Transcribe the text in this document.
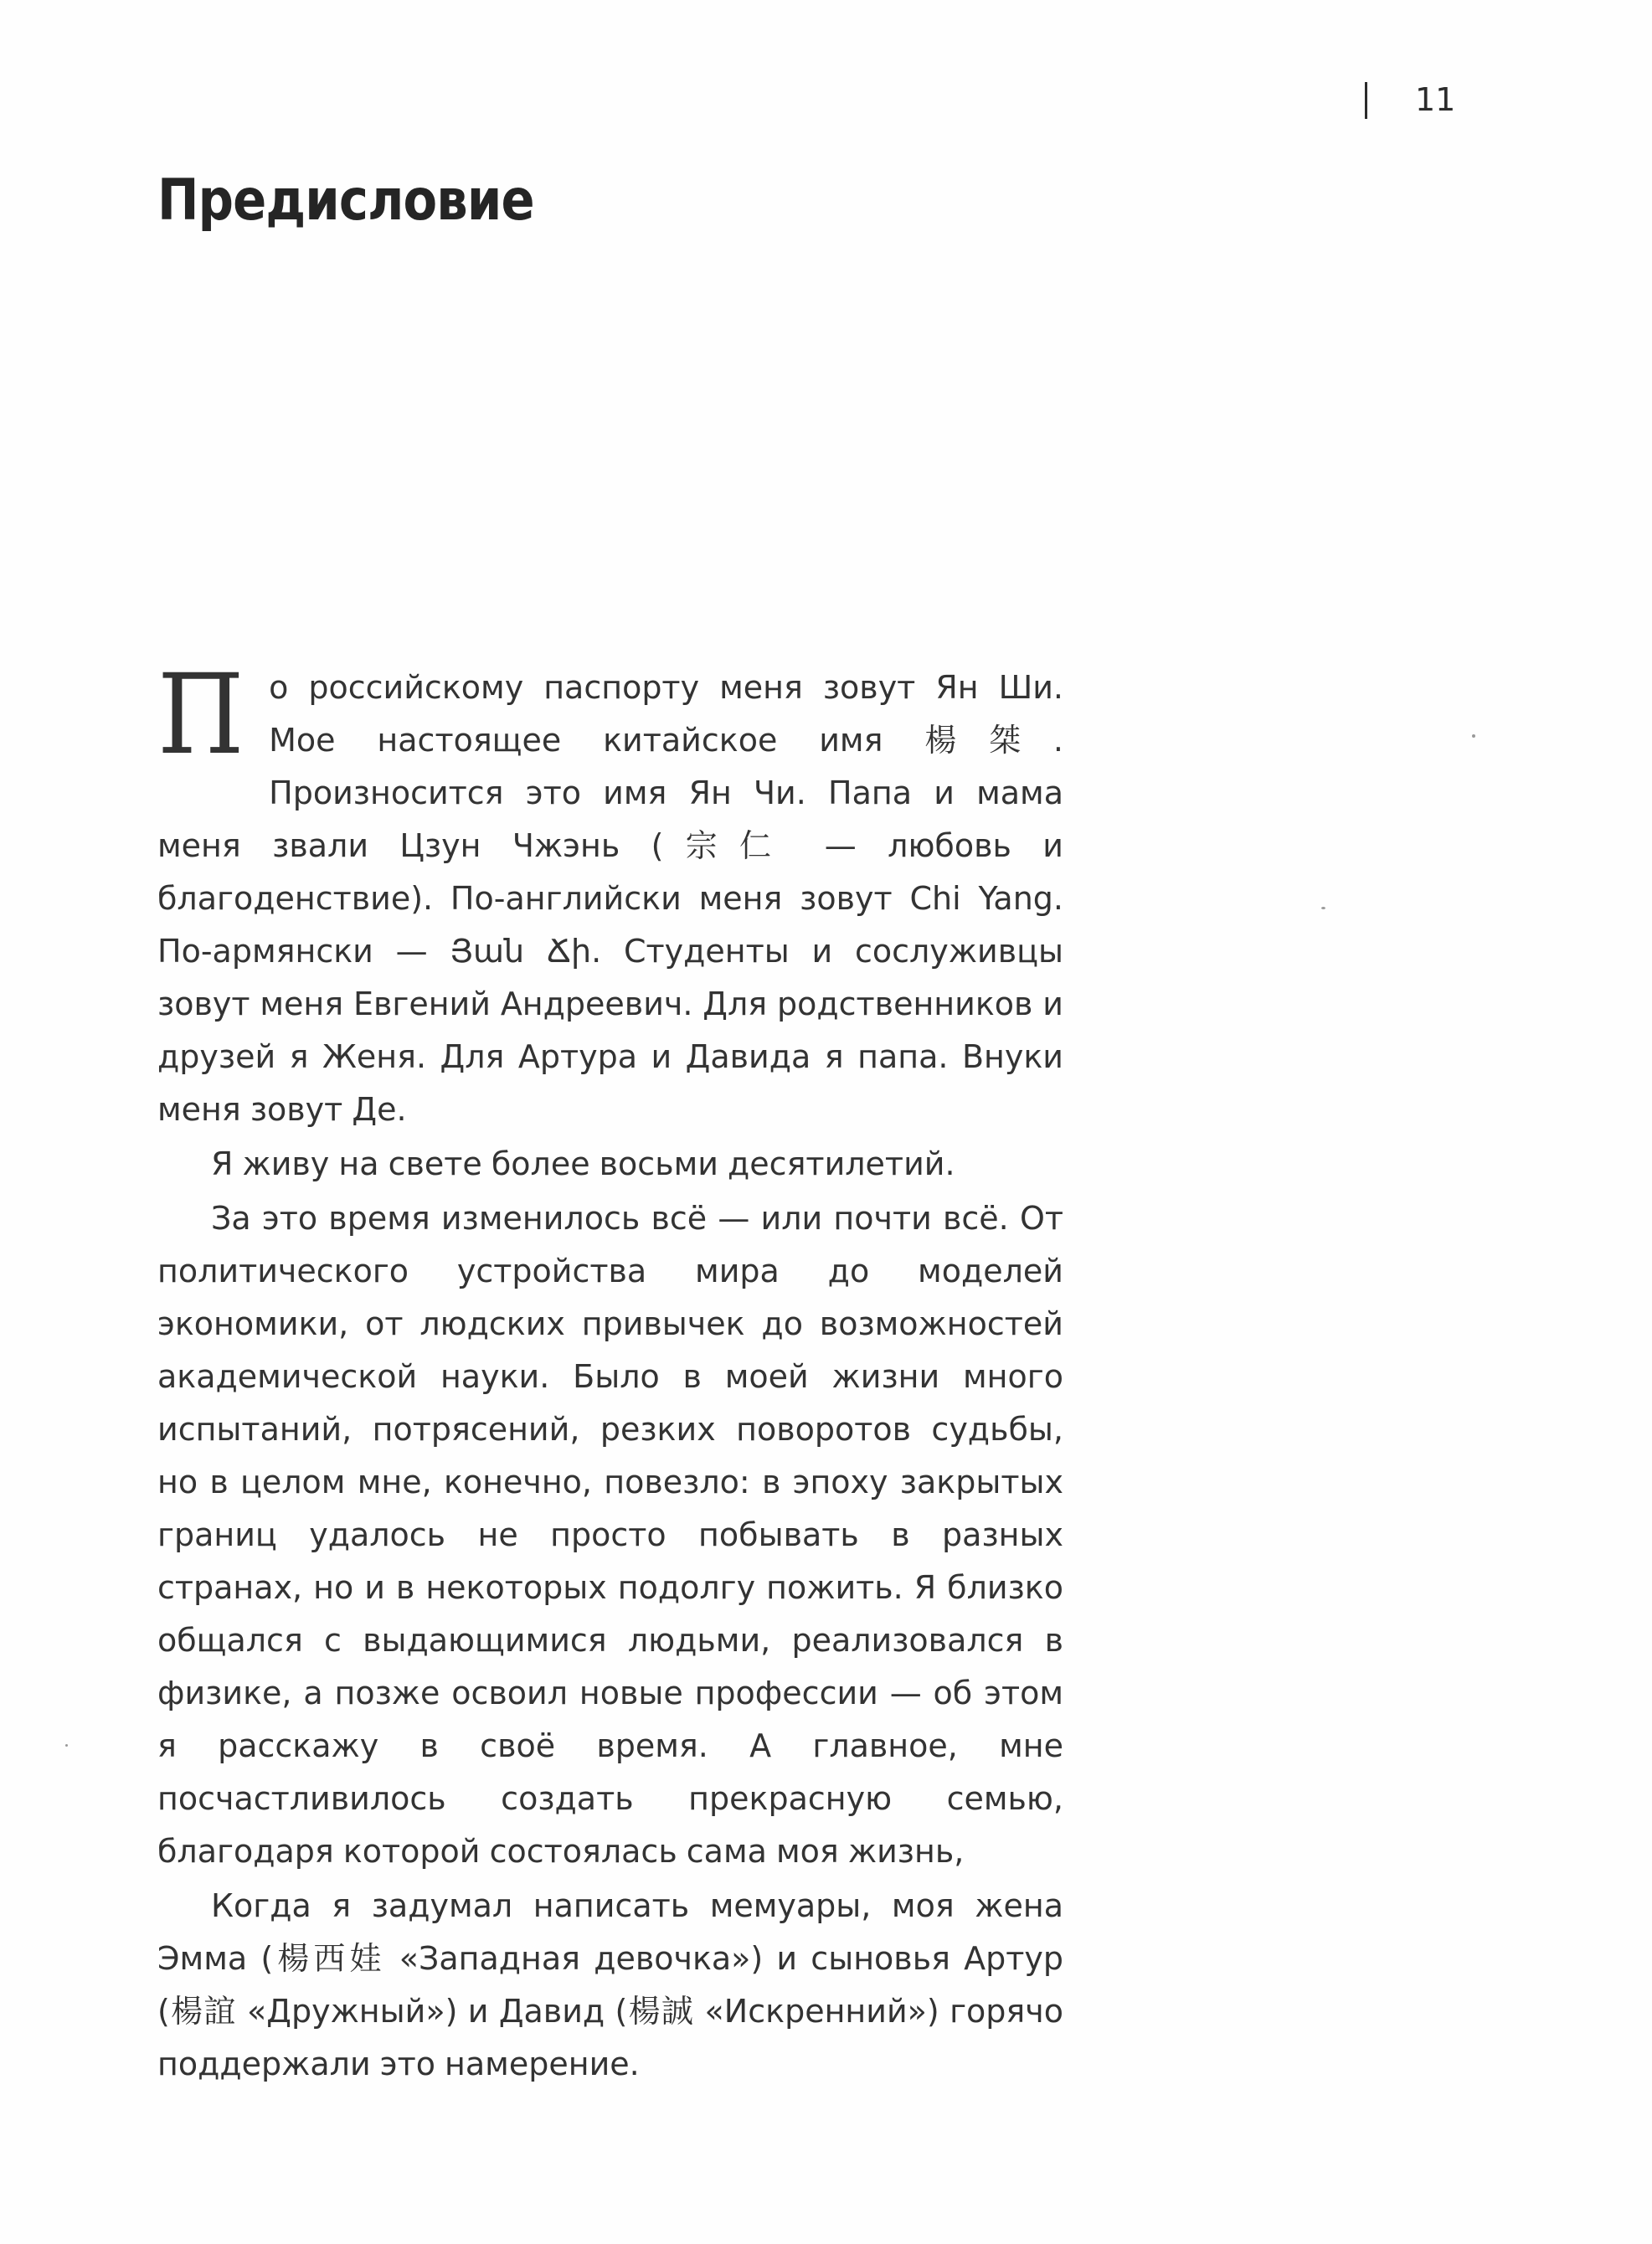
11
Предисловие

По российскому паспорту меня зовут Ян Ши. Мое настоящее китайское имя 楊桀. Произносится это имя Ян Чи. Папа и мама меня звали Цзун Чжэнь (宗仁 — любовь и благоденствие). По-английски меня зовут Chi Yang. По-армянски — Յան Ճի. Студенты и сослуживцы зовут меня Евгений Андреевич. Для родственников и друзей я Женя. Для Артура и Давида я папа. Внуки меня зовут Де.

Я живу на свете более восьми десятилетий.

За это время изменилось всё — или почти всё. От политического устройства мира до моделей экономики, от людских привычек до возможностей академической науки. Было в моей жизни много испытаний, потрясений, резких поворотов судьбы, но в целом мне, конечно, повезло: в эпоху закрытых границ удалось не просто побывать в разных странах, но и в некоторых подолгу пожить. Я близко общался с выдающимися людьми, реализовался в физике, а позже освоил новые профессии — об этом я расскажу в своё время. А главное, мне посчастливилось создать прекрасную семью, благодаря которой состоялась сама моя жизнь,

Когда я задумал написать мемуары, моя жена Эмма (楊西娃 «Западная девочка») и сыновья Артур (楊誼 «Дружный») и Давид (楊誠 «Искренний») горячо поддержали это намерение.
